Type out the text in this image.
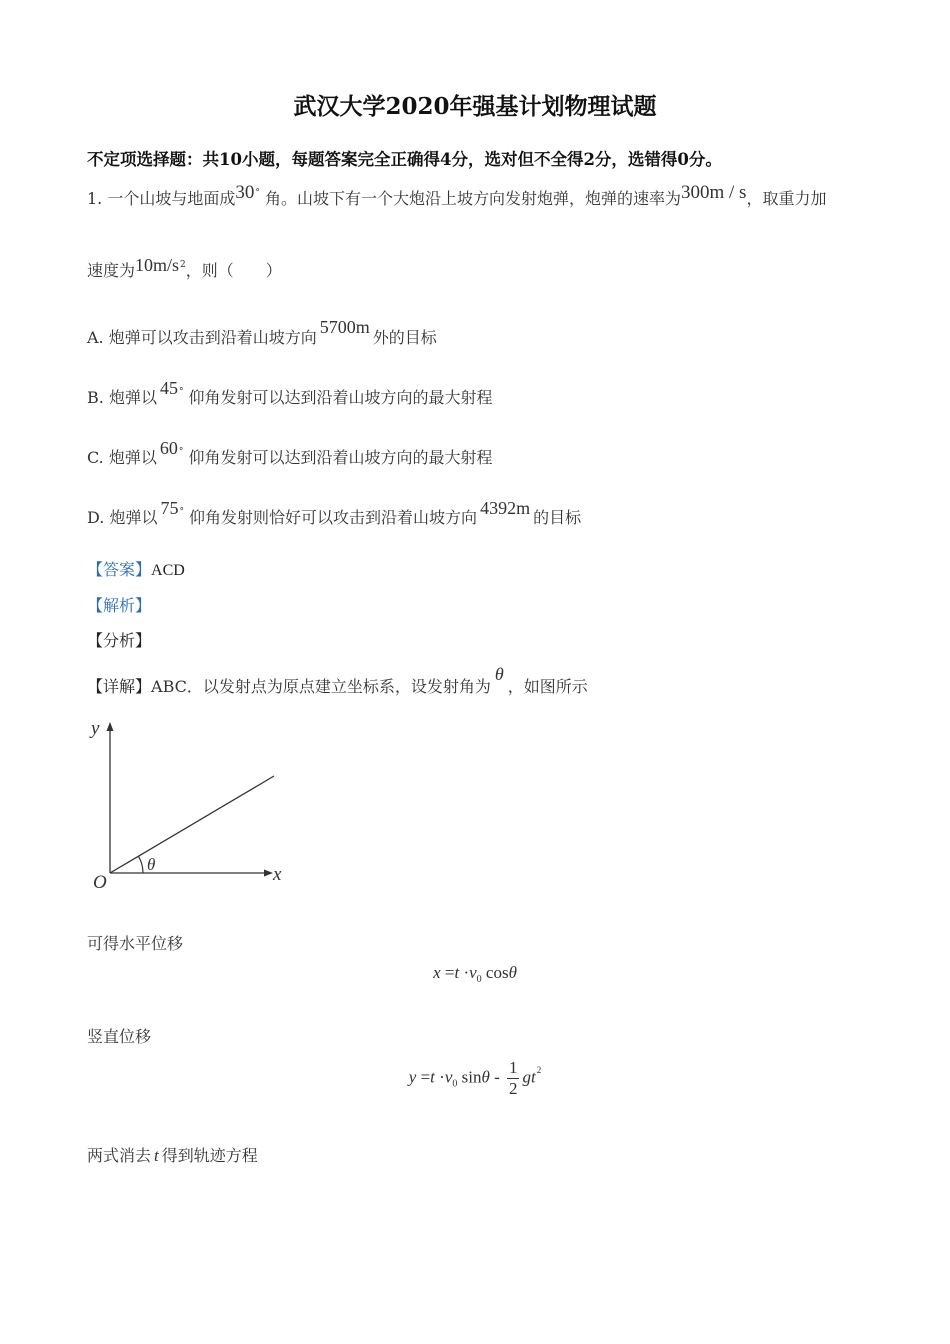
武汉大学2020年强基计划物理试题
不定项选择题：共10小题，每题答案完全正确得4分，选对但不全得2分，选错得0分。
1. 一个山坡与地面成30° 角。山坡下有一个大炮沿上坡方向发射炮弹，炮弹的速率为300m / s，取重力加
速度为$10m/s^2$，则（　　）
A. 炮弹可以攻击到沿着山坡方向5700m外的目标
B. 炮弹以 45° 仰角发射可以达到沿着山坡方向的最大射程
C. 炮弹以 60° 仰角发射可以达到沿着山坡方向的最大射程
D. 炮弹以 75° 仰角发射则恰好可以攻击到沿着山坡方向 4392m 的目标
【答案】ACD
【解析】
【分析】
【详解】ABC．以发射点为原点建立坐标系，设发射角为θ，如图所示
y
x
O
θ
可得水平位移
$x =t \cdot v_0$ cosθ
竖直位移
$y =t \cdot v_0$ sinθ - $\frac{1}{2} gt^2$
两式消去 t 得到轨迹方程
